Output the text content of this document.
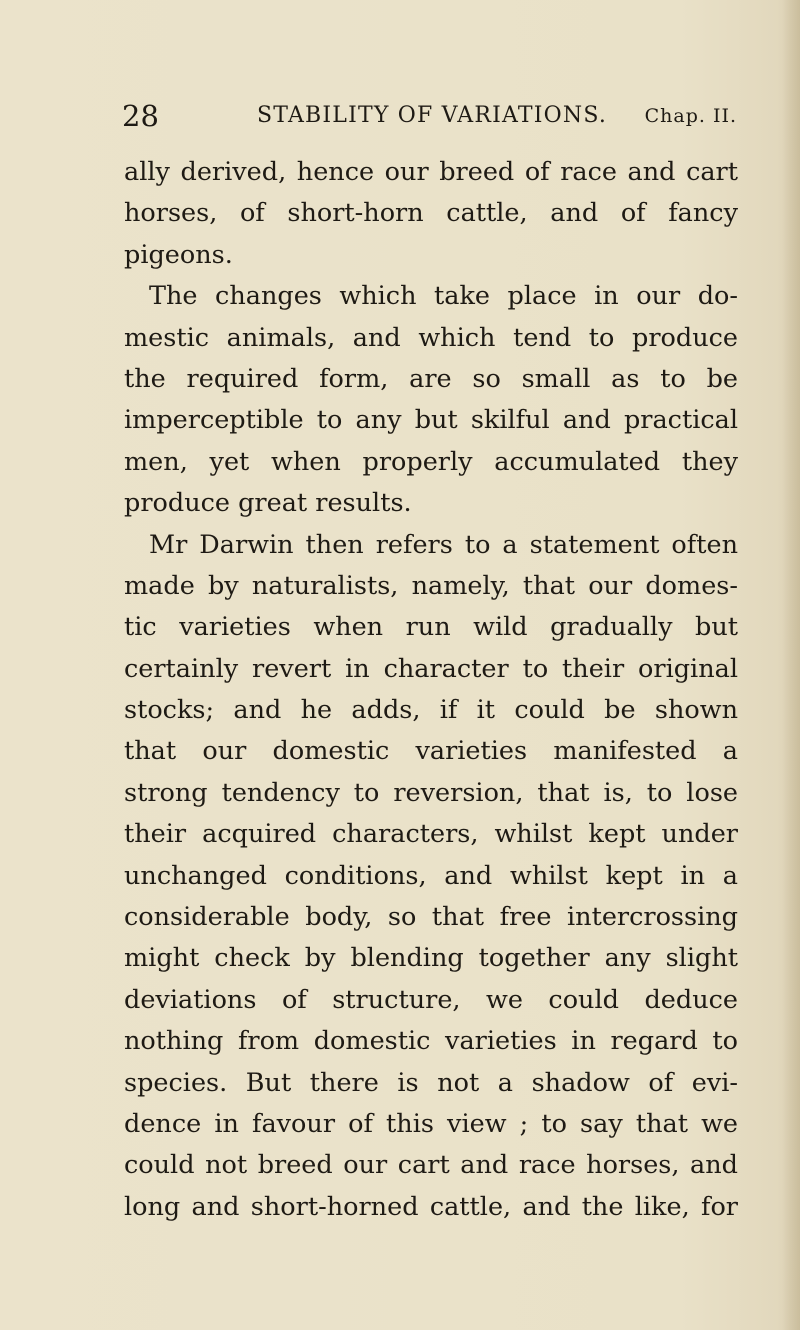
28	STABILITY OF VARIATIONS. Chap. II.
ally derived, hence our breed of race and cart
horses, of short-horn cattle, and of fancy
pigeons.
The changes which take place in our do-
mestic animals, and which tend to produce
the required form, are so small as to be
imperceptible to any but skilful and practical
men, yet when properly accumulated they
produce great results.
Mr Darwin then refers to a statement often
made by naturalists, namely, that our domes-
tic varieties when run wild gradually but
certainly revert in character to their original
stocks; and he adds, if it could be shown
that our domestic varieties manifested a
strong tendency to reversion, that is, to lose
their acquired characters, whilst kept under
unchanged conditions, and whilst kept in a
considerable body, so that free intercrossing
might check by blending together any slight
deviations of structure, we could deduce
nothing from domestic varieties in regard to
species. But there is not a shadow of evi-
dence in favour of this view ; to say that we
could not breed our cart and race horses, and
long and short-horned cattle, and the like, for
